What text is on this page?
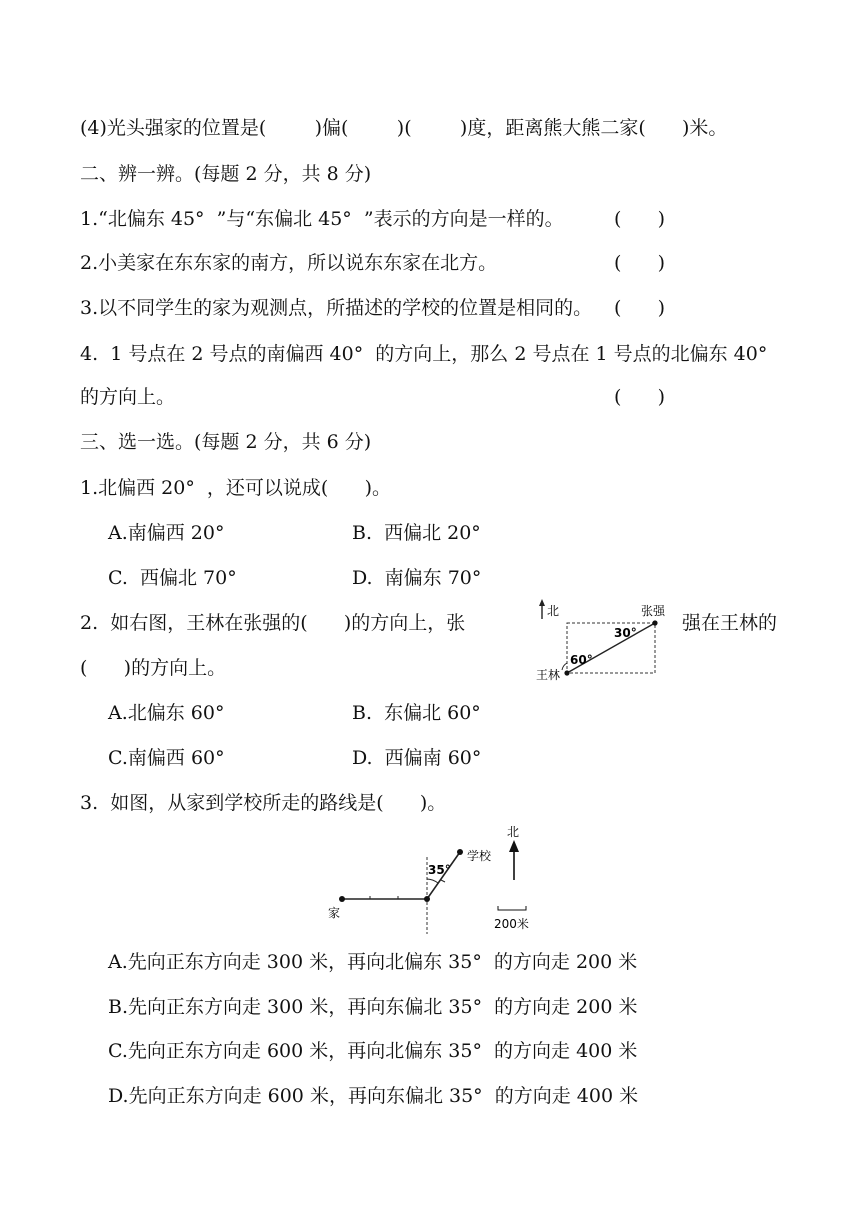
(4)光头强家的位置是(        )偏(        )(        )度，距离熊大熊二家(      )米。
二、辨一辨。(每题 2 分，共 8 分)
1.“北偏东 45°  ”与“东偏北 45°  ”表示的方向是一样的。	(      )
2.小美家在东东家的南方，所以说东东家在北方。	(      )
3.以不同学生的家为观测点，所描述的学校的位置是相同的。 (      )
4.  1 号点在 2 号点的南偏西 40°  的方向上，那么 2 号点在 1 号点的北偏东 40°
的方向上。	(      )
三、选一选。(每题 2 分，共 6 分)
1.北偏西 20°  ，还可以说成(      )。
A.南偏西 20°	B.  西偏北 20°
C.  西偏北 70°	D.  南偏东 70°
2.  如右图，王林在张强的(      )的方向上，张	强在王林的
(      )的方向上。
北	张强
王林
30°
60°
A.北偏东 60°	B.  东偏北 60°
C.南偏西 60°	D.  西偏南 60°
3.  如图，从家到学校所走的路线是(      )。
家
学校
35°
北
200米
A.先向正东方向走 300 米，再向北偏东 35°  的方向走 200 米
B.先向正东方向走 300 米，再向东偏北 35°  的方向走 200 米
C.先向正东方向走 600 米，再向北偏东 35°  的方向走 400 米
D.先向正东方向走 600 米，再向东偏北 35°  的方向走 400 米
